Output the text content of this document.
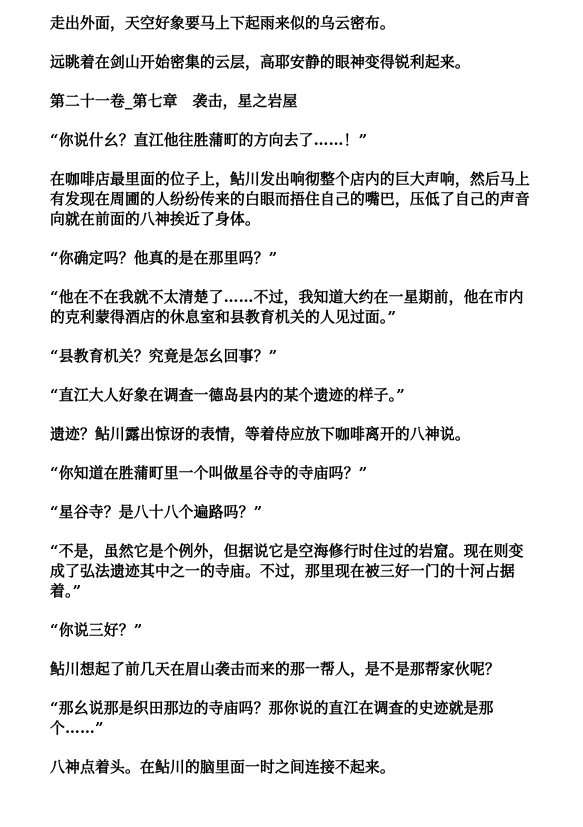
走出外面，天空好象要马上下起雨来似的乌云密布。

远眺着在剑山开始密集的云层，高耶安静的眼神变得锐利起来。

第二十一卷_第七章　袭击，星之岩屋

“你说什幺？直江他往胜蒲町的方向去了……！”

在咖啡店最里面的位子上，鲇川发出响彻整个店内的巨大声响，然后马上有发现在周圃的人纷纷传来的白眼而捂住自己的嘴巴，压低了自己的声音向就在前面的八神挨近了身体。

“你确定吗？他真的是在那里吗？”

“他在不在我就不太清楚了……不过，我知道大约在一星期前，他在市内的克利蒙得酒店的休息室和县教育机关的人见过面。”

“县教育机关？究竟是怎幺回事？”

“直江大人好象在调查一德岛县内的某个遗迹的样子。”

遗迹？鲇川露出惊讶的表情，等着侍应放下咖啡离开的八神说。

“你知道在胜蒲町里一个叫做星谷寺的寺庙吗？”

“星谷寺？是八十八个遍路吗？”

“不是，虽然它是个例外，但据说它是空海修行时住过的岩窟。现在则变成了弘法遗迹其中之一的寺庙。不过，那里现在被三好一门的十河占据着。”

“你说三好？”

鲇川想起了前几天在眉山袭击而来的那一帮人，是不是那帮家伙呢？

“那幺说那是织田那边的寺庙吗？那你说的直江在调查的史迹就是那个……”

八神点着头。在鲇川的脑里面一时之间连接不起来。
